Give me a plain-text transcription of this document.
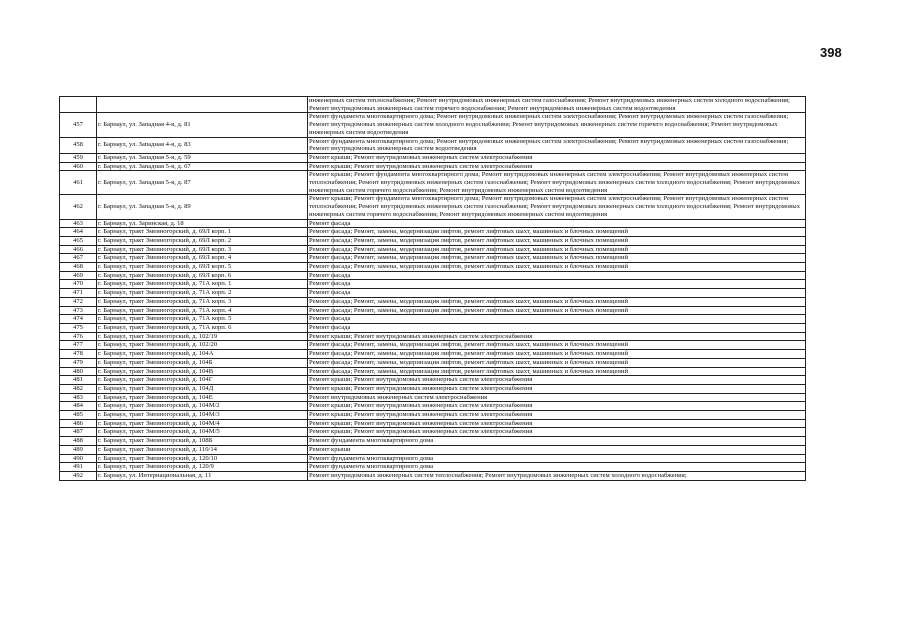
398
		инженерных систем теплоснабжения; Ремонт внутридомовых инженерных систем газоснабжения; Ремонт внутридомовых инженерных систем холодного водоснабжения; Ремонт внутридомовых инженерных систем горячего водоснабжения; Ремонт внутридомовых инженерных систем водоотведения
457	г. Барнаул, ул. Западная 4-я, д. 81	Ремонт фундамента многоквартирного дома; Ремонт внутридомовых инженерных систем электроснабжения; Ремонт внутридомовых инженерных систем газоснабжения; Ремонт внутридомовых инженерных систем холодного водоснабжения; Ремонт внутридомовых инженерных систем горячего водоснабжения; Ремонт внутридомовых инженерных систем водоотведения
458	г. Барнаул, ул. Западная 4-я, д. 83	Ремонт фундамента многоквартирного дома; Ремонт внутридомовых инженерных систем электроснабжения; Ремонт внутридомовых инженерных систем газоснабжения; Ремонт внутридомовых инженерных систем водоотведения
459	г. Барнаул, ул. Западная 5-я, д. 59	Ремонт крыши; Ремонт внутридомовых инженерных систем электроснабжения
460	г. Барнаул, ул. Западная 5-я, д. 67	Ремонт крыши; Ремонт внутридомовых инженерных систем электроснабжения
461	г. Барнаул, ул. Западная 5-я, д. 87	Ремонт крыши; Ремонт фундамента многоквартирного дома; Ремонт внутридомовых инженерных систем электроснабжения; Ремонт внутридомовых инженерных систем теплоснабжения; Ремонт внутридомовых инженерных систем газоснабжения; Ремонт внутридомовых инженерных систем холодного водоснабжения; Ремонт внутридомовых инженерных систем горячего водоснабжения; Ремонт внутридомовых инженерных систем водоотведения
462	г. Барнаул, ул. Западная 5-я, д. 89	Ремонт крыши; Ремонт фундамента многоквартирного дома; Ремонт внутридомовых инженерных систем электроснабжения; Ремонт внутридомовых инженерных систем теплоснабжения; Ремонт внутридомовых инженерных систем газоснабжения; Ремонт внутридомовых инженерных систем холодного водоснабжения; Ремонт внутридомовых инженерных систем горячего водоснабжения; Ремонт внутридомовых инженерных систем водоотведения
463	г. Барнаул, ул. Заринская, д. 18	Ремонт фасада
464	г. Барнаул, тракт Змеиногорский, д. 69Л корп. 1	Ремонт фасада; Ремонт, замена, модернизация лифтов, ремонт лифтовых шахт, машинных и блочных помещений
465	г. Барнаул, тракт Змеиногорский, д. 69Л корп. 2	Ремонт фасада; Ремонт, замена, модернизация лифтов, ремонт лифтовых шахт, машинных и блочных помещений
466	г. Барнаул, тракт Змеиногорский, д. 69Л корп. 3	Ремонт фасада; Ремонт, замена, модернизация лифтов, ремонт лифтовых шахт, машинных и блочных помещений
467	г. Барнаул, тракт Змеиногорский, д. 69Л корп. 4	Ремонт фасада; Ремонт, замена, модернизация лифтов, ремонт лифтовых шахт, машинных и блочных помещений
468	г. Барнаул, тракт Змеиногорский, д. 69Л корп. 5	Ремонт фасада; Ремонт, замена, модернизация лифтов, ремонт лифтовых шахт, машинных и блочных помещений
469	г. Барнаул, тракт Змеиногорский, д. 69Л корп. 6	Ремонт фасада
470	г. Барнаул, тракт Змеиногорский, д. 71А корп. 1	Ремонт фасада
471	г. Барнаул, тракт Змеиногорский, д. 71А корп. 2	Ремонт фасада
472	г. Барнаул, тракт Змеиногорский, д. 71А корп. 3	Ремонт фасада; Ремонт, замена, модернизация лифтов, ремонт лифтовых шахт, машинных и блочных помещений
473	г. Барнаул, тракт Змеиногорский, д. 71А корп. 4	Ремонт фасада; Ремонт, замена, модернизация лифтов, ремонт лифтовых шахт, машинных и блочных помещений
474	г. Барнаул, тракт Змеиногорский, д. 71А корп. 5	Ремонт фасада
475	г. Барнаул, тракт Змеиногорский, д. 71А корп. 6	Ремонт фасада
476	г. Барнаул, тракт Змеиногорский, д. 102/19	Ремонт крыши; Ремонт внутридомовых инженерных систем электроснабжения
477	г. Барнаул, тракт Змеиногорский, д. 102/20	Ремонт фасада; Ремонт, замена, модернизация лифтов, ремонт лифтовых шахт, машинных и блочных помещений
478	г. Барнаул, тракт Змеиногорский, д. 104А	Ремонт фасада; Ремонт, замена, модернизация лифтов, ремонт лифтовых шахт, машинных и блочных помещений
479	г. Барнаул, тракт Змеиногорский, д. 104Б	Ремонт фасада; Ремонт, замена, модернизация лифтов, ремонт лифтовых шахт, машинных и блочных помещений
480	г. Барнаул, тракт Змеиногорский, д. 104В	Ремонт фасада; Ремонт, замена, модернизация лифтов, ремонт лифтовых шахт, машинных и блочных помещений
481	г. Барнаул, тракт Змеиногорский, д. 104Г	Ремонт крыши; Ремонт внутридомовых инженерных систем электроснабжения
482	г. Барнаул, тракт Змеиногорский, д. 104Д	Ремонт крыши; Ремонт внутридомовых инженерных систем электроснабжения
483	г. Барнаул, тракт Змеиногорский, д. 104Е	Ремонт внутридомовых инженерных систем электроснабжения
484	г. Барнаул, тракт Змеиногорский, д. 104М/2	Ремонт крыши; Ремонт внутридомовых инженерных систем электроснабжения
485	г. Барнаул, тракт Змеиногорский, д. 104М/3	Ремонт крыши; Ремонт внутридомовых инженерных систем электроснабжения
486	г. Барнаул, тракт Змеиногорский, д. 104М/4	Ремонт крыши; Ремонт внутридомовых инженерных систем электроснабжения
487	г. Барнаул, тракт Змеиногорский, д. 104М/5	Ремонт крыши; Ремонт внутридомовых инженерных систем электроснабжения
488	г. Барнаул, тракт Змеиногорский, д. 108Б	Ремонт фундамента многоквартирного дома
489	г. Барнаул, тракт Змеиногорский, д. 110/14	Ремонт крыши
490	г. Барнаул, тракт Змеиногорский, д. 120/10	Ремонт фундамента многоквартирного дома
491	г. Барнаул, тракт Змеиногорский, д. 120/9	Ремонт фундамента многоквартирного дома
492	г. Барнаул, ул. Интернациональная, д. 11	Ремонт внутридомовых инженерных систем теплоснабжения; Ремонт внутридомовых инженерных систем холодного водоснабжения;
